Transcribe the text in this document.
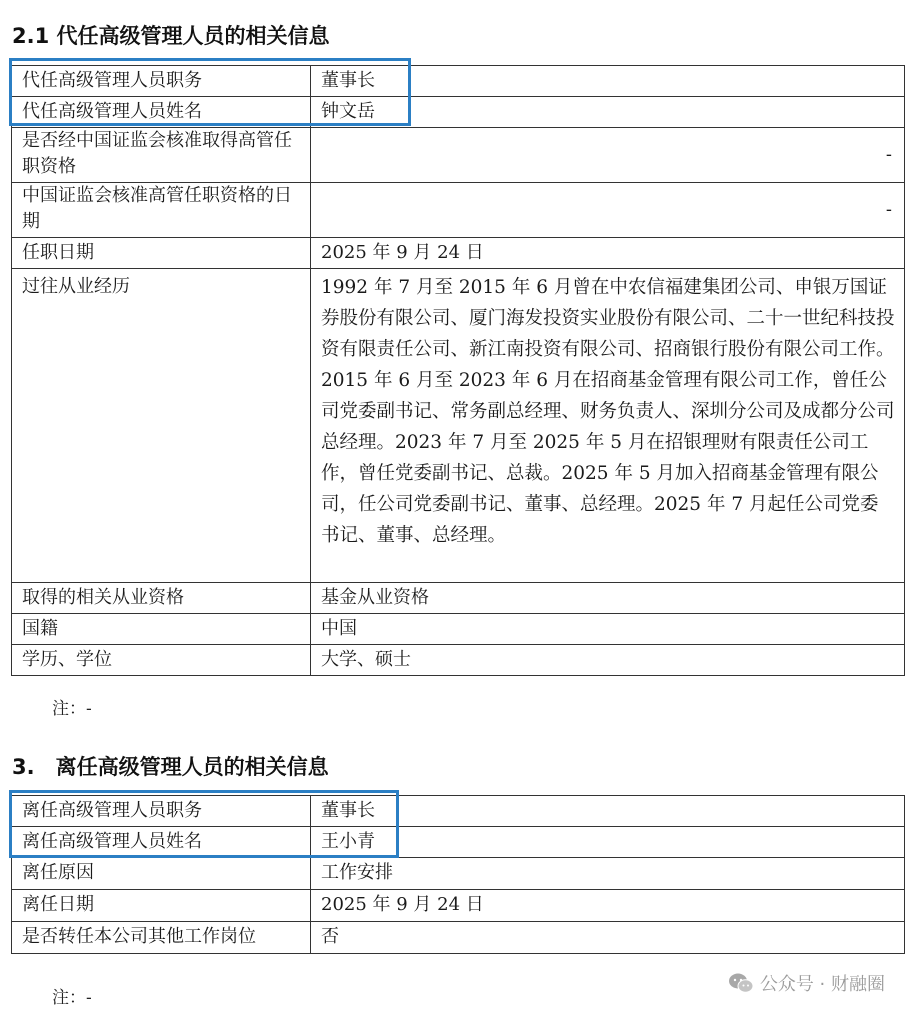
2.1 代任高级管理人员的相关信息
代任高级管理人员职务	董事长
代任高级管理人员姓名	钟文岳
是否经中国证监会核准取得高管任职资格	-
中国证监会核准高管任职资格的日期	-
任职日期	2025 年 9 月 24 日
过往从业经历	1992 年 7 月至 2015 年 6 月曾在中农信福建集团公司、申银万国证券股份有限公司、厦门海发投资实业股份有限公司、二十一世纪科技投资有限责任公司、新江南投资有限公司、招商银行股份有限公司工作。2015 年 6 月至 2023 年 6 月在招商基金管理有限公司工作，曾任公司党委副书记、常务副总经理、财务负责人、深圳分公司及成都分公司总经理。2023 年 7 月至 2025 年 5 月在招银理财有限责任公司工作，曾任党委副书记、总裁。2025 年 5 月加入招商基金管理有限公司，任公司党委副书记、董事、总经理。2025 年 7 月起任公司党委书记、董事、总经理。
取得的相关从业资格	基金从业资格
国籍	中国
学历、学位	大学、硕士
注：-
3.　离任高级管理人员的相关信息
离任高级管理人员职务	董事长
离任高级管理人员姓名	王小青
离任原因	工作安排
离任日期	2025 年 9 月 24 日
是否转任本公司其他工作岗位	否
注：-
公众号 · 财融圈
